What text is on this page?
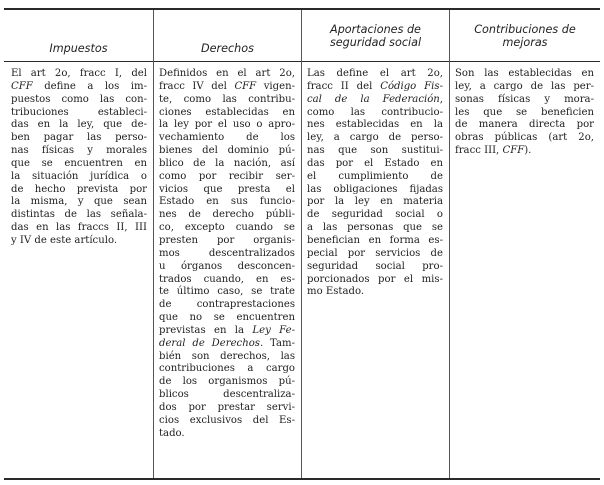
Impuestos	Derechos
Aportaciones de
seguridad social
Contribuciones de
mejoras
El art 2o, fracc I, del
CFF define a los im-
puestos como las con-
tribuciones estableci-
das en la ley, que de-
ben pagar las perso-
nas físicas y morales
que se encuentren en
la situación jurídica o
de hecho prevista por
la misma, y que sean
distintas de las señala-
das en las fraccs II, III
y IV de este artículo.
Definidos en el art 2o,
fracc IV del CFF vigen-
te, como las contribu-
ciones establecidas en
la ley por el uso o apro-
vechamiento de los
bienes del dominio pú-
blico de la nación, así
como por recibir ser-
vicios que presta el
Estado en sus funcio-
nes de derecho públi-
co, excepto cuando se
presten por organis-
mos descentralizados
u órganos desconcen-
trados cuando, en es-
te último caso, se trate
de contraprestaciones
que no se encuentren
previstas en la Ley Fe-
deral de Derechos. Tam-
bién son derechos, las
contribuciones a cargo
de los organismos pú-
blicos descentraliza-
dos por prestar servi-
cios exclusivos del Es-
tado.
Las define el art 2o,
fracc II del Código Fis-
cal de la Federación,
como las contribucio-
nes establecidas en la
ley, a cargo de perso-
nas que son sustitui-
das por el Estado en
el cumplimiento de
las obligaciones fijadas
por la ley en materia
de seguridad social o
a las personas que se
benefician en forma es-
pecial por servicios de
seguridad social pro-
porcionados por el mis-
mo Estado.
Son las establecidas en
ley, a cargo de las per-
sonas físicas y mora-
les que se beneficien
de manera directa por
obras públicas (art 2o,
fracc III, CFF).
